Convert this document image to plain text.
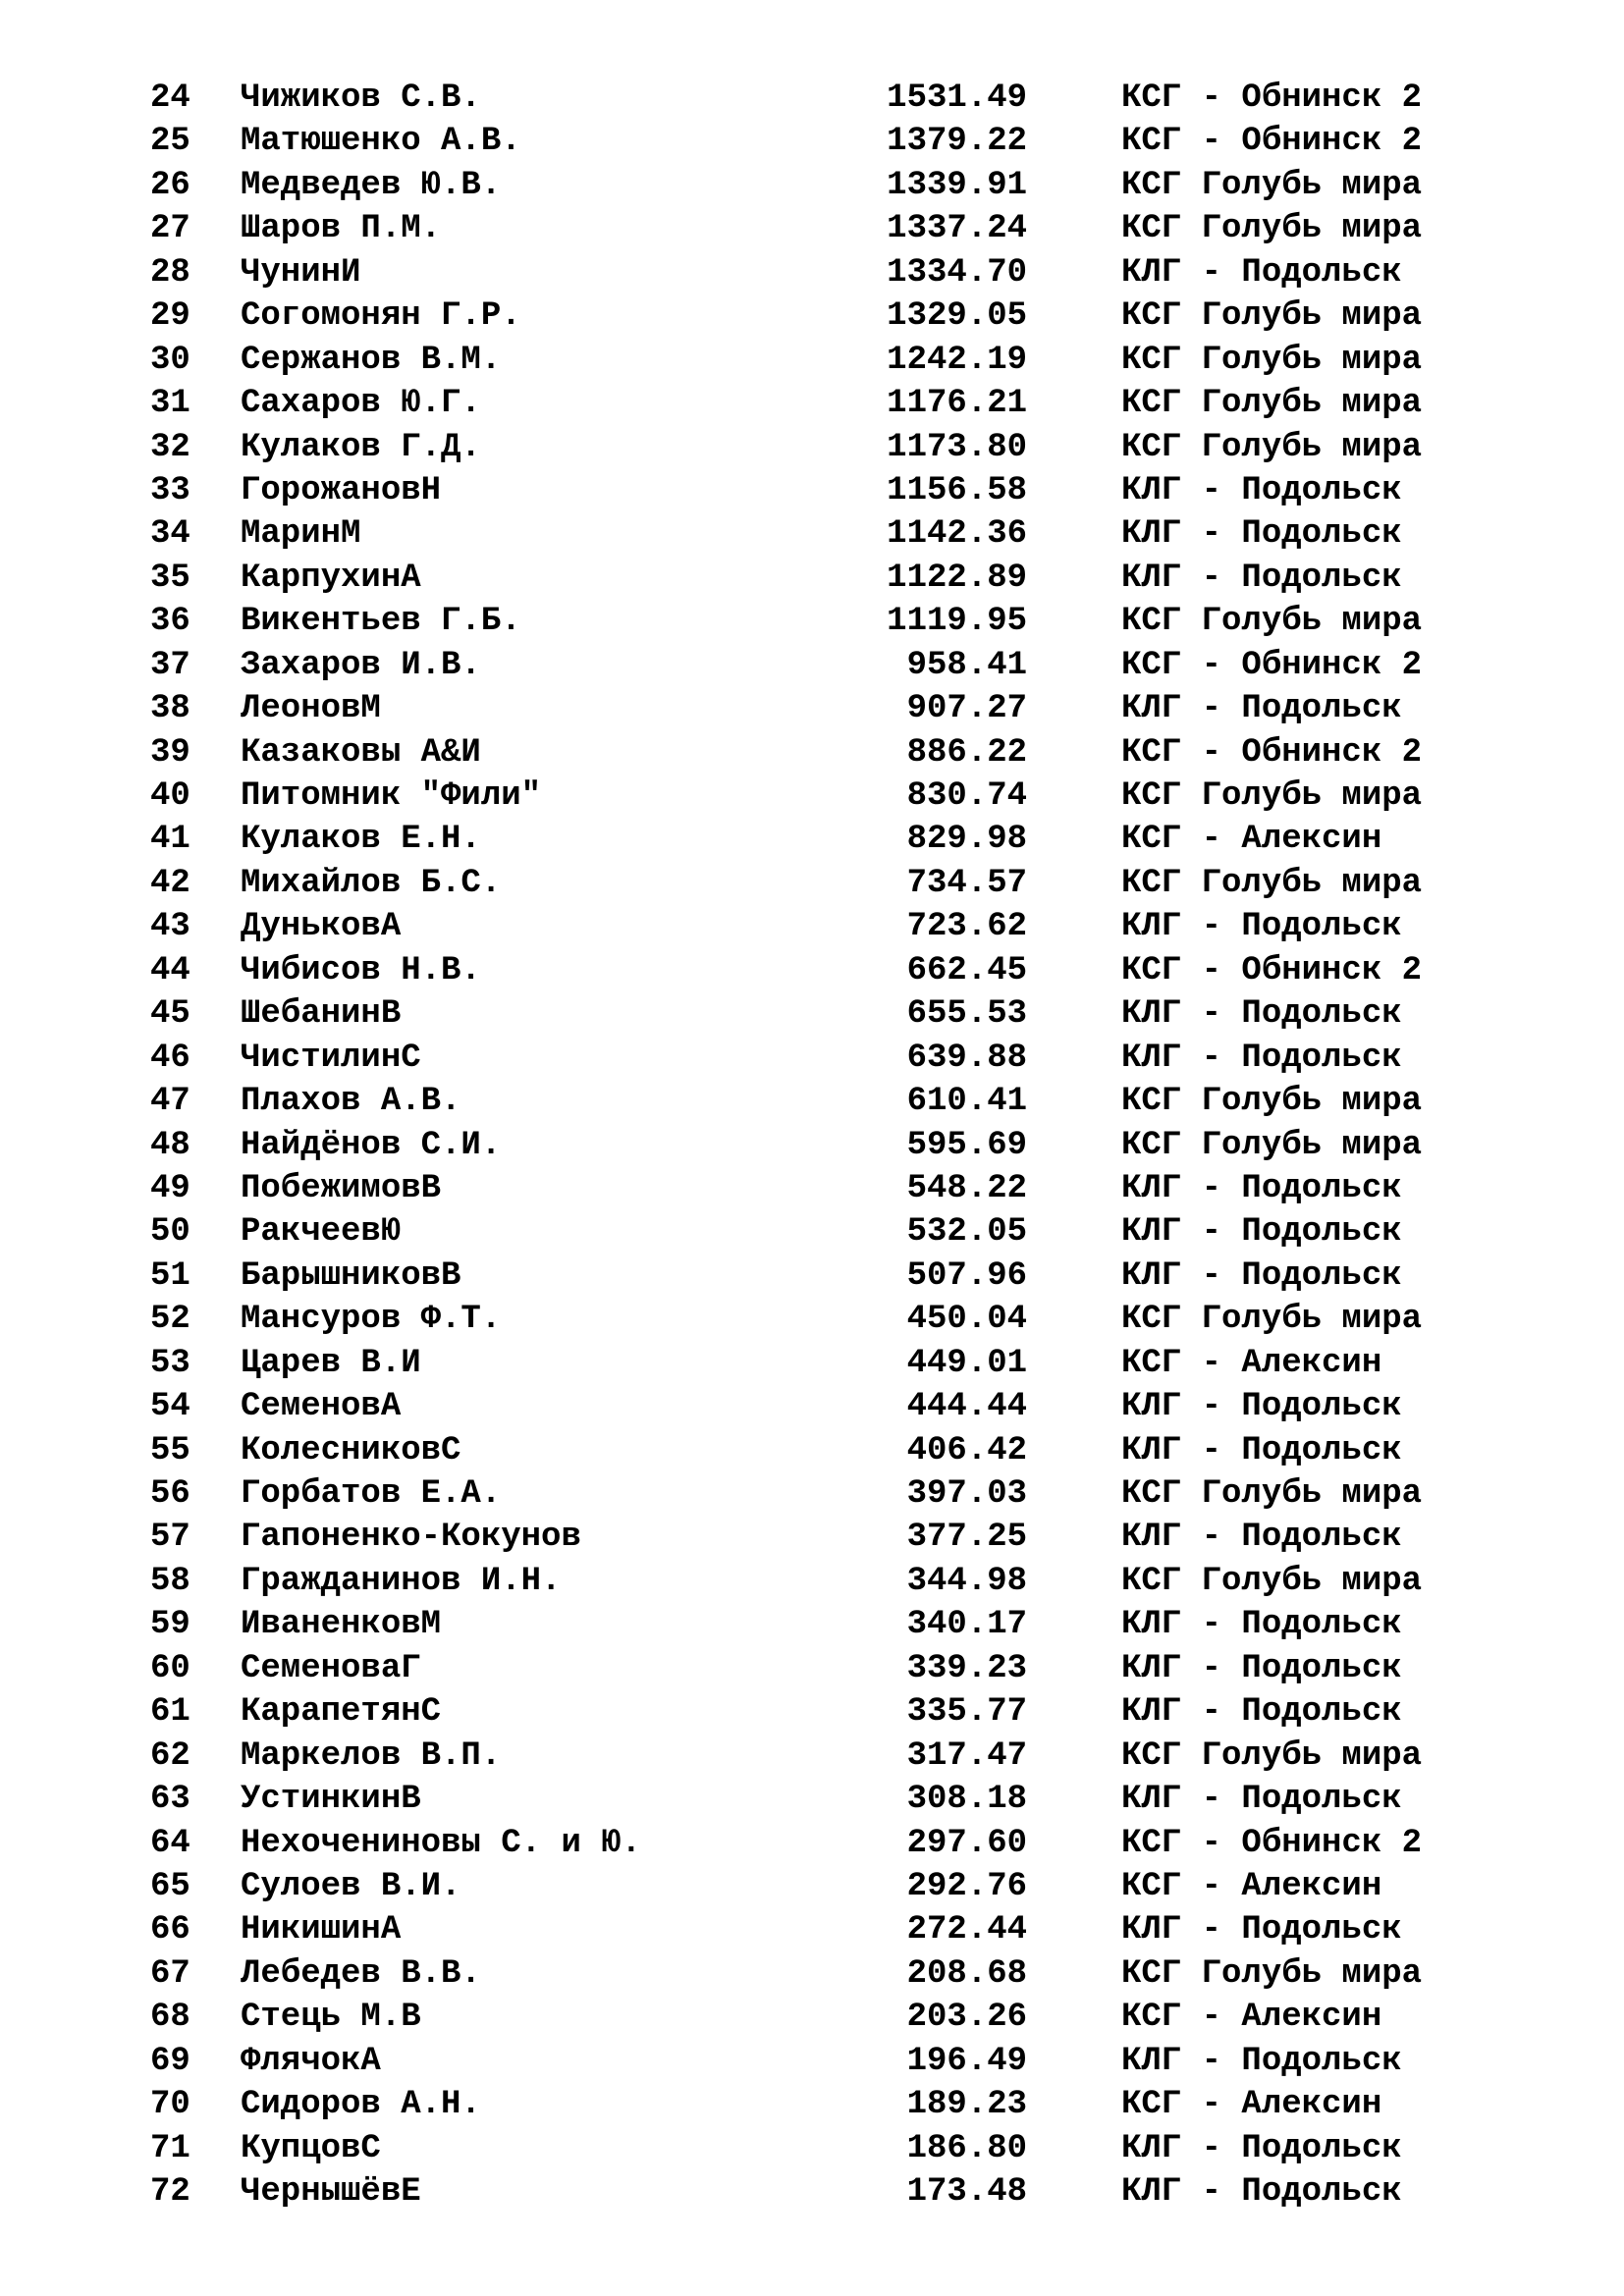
24 Чижиков С.В.	1531.49	КСГ - Обнинск 2
25 Матюшенко А.В.	1379.22	КСГ - Обнинск 2
26 Медведев Ю.В.	1339.91	КСГ Голубь мира
27 Шаров П.М.	1337.24	КСГ Голубь мира
28 ЧунинИ	1334.70	КЛГ - Подольск
29 Согомонян Г.Р.	1329.05	КСГ Голубь мира
30 Сержанов В.М.	1242.19	КСГ Голубь мира
31 Сахаров Ю.Г.	1176.21	КСГ Голубь мира
32 Кулаков Г.Д.	1173.80	КСГ Голубь мира
33 ГорожановН	1156.58	КЛГ - Подольск
34 МаринМ	1142.36	КЛГ - Подольск
35 КарпухинА	1122.89	КЛГ - Подольск
36 Викентьев Г.Б.	1119.95	КСГ Голубь мира
37 Захаров И.В.	958.41	КСГ - Обнинск 2
38 ЛеоновМ	907.27	КЛГ - Подольск
39 Казаковы А&И	886.22	КСГ - Обнинск 2
40 Питомник "Фили"	830.74	КСГ Голубь мира
41 Кулаков Е.Н.	829.98	КСГ - Алексин
42 Михайлов Б.С.	734.57	КСГ Голубь мира
43 ДуньковА	723.62	КЛГ - Подольск
44 Чибисов Н.В.	662.45	КСГ - Обнинск 2
45 ШебанинВ	655.53	КЛГ - Подольск
46 ЧистилинС	639.88	КЛГ - Подольск
47 Плахов А.В.	610.41	КСГ Голубь мира
48 Найдёнов С.И.	595.69	КСГ Голубь мира
49 ПобежимовВ	548.22	КЛГ - Подольск
50 РакчеевЮ	532.05	КЛГ - Подольск
51 БарышниковВ	507.96	КЛГ - Подольск
52 Мансуров Ф.Т.	450.04	КСГ Голубь мира
53 Царев В.И	449.01	КСГ - Алексин
54 СеменовА	444.44	КЛГ - Подольск
55 КолесниковС	406.42	КЛГ - Подольск
56 Горбатов Е.А.	397.03	КСГ Голубь мира
57 Гапоненко-Кокунов	377.25	КЛГ - Подольск
58 Гражданинов И.Н.	344.98	КСГ Голубь мира
59 ИваненковМ	340.17	КЛГ - Подольск
60 СеменоваГ	339.23	КЛГ - Подольск
61 КарапетянС	335.77	КЛГ - Подольск
62 Маркелов В.П.	317.47	КСГ Голубь мира
63 УстинкинВ	308.18	КЛГ - Подольск
64 Нехочениновы С. и Ю.	297.60	КСГ - Обнинск 2
65 Сулоев В.И.	292.76	КСГ - Алексин
66 НикишинА	272.44	КЛГ - Подольск
67 Лебедев В.В.	208.68	КСГ Голубь мира
68 Стець М.В	203.26	КСГ - Алексин
69 ФлячокА	196.49	КЛГ - Подольск
70 Сидоров А.Н.	189.23	КСГ - Алексин
71 КупцовС	186.80	КЛГ - Подольск
72 ЧернышёвЕ	173.48	КЛГ - Подольск
